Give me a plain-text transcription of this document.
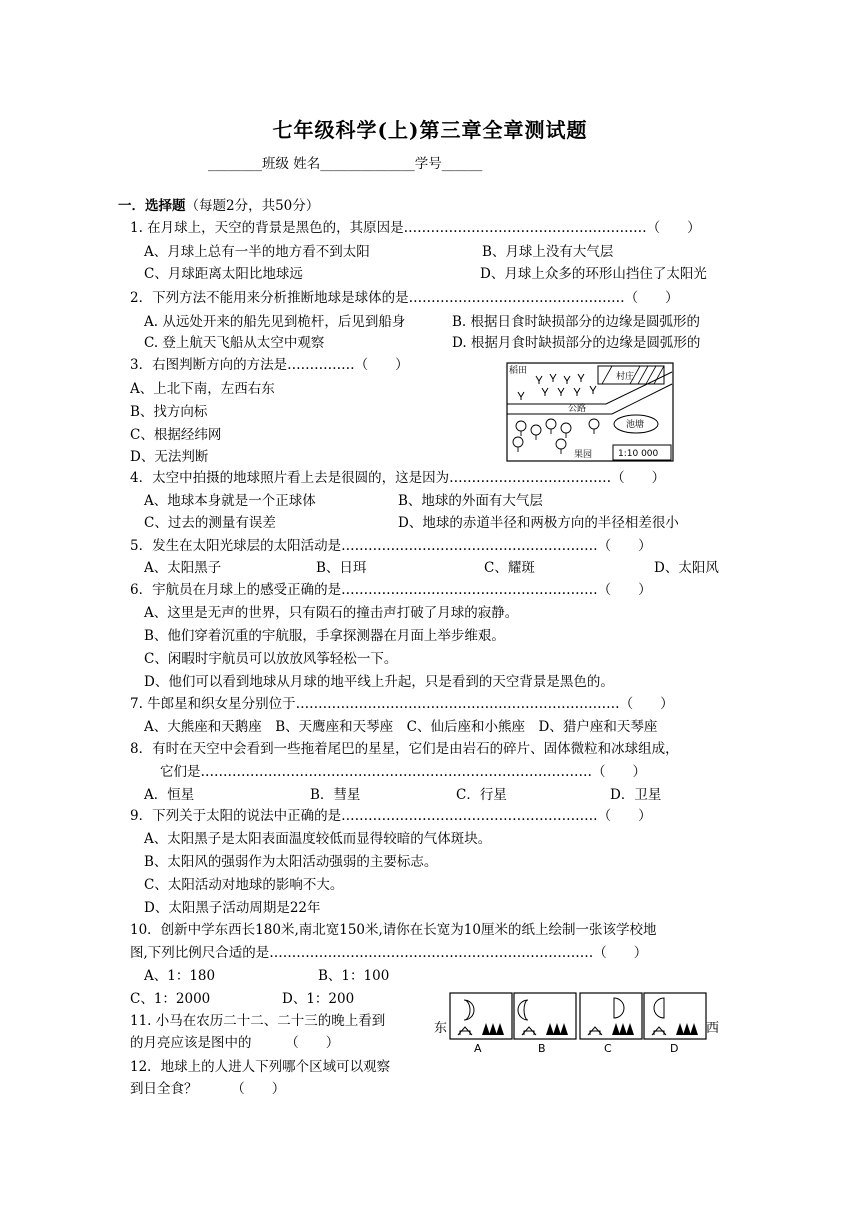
七年级科学(上)第三章全章测试题
________班级 姓名______________学号______
一．选择题（每题2分，共50分）
1. 在月球上，天空的背景是黑色的，其原因是………………………………………………（　　）
A、月球上总有一半的地方看不到太阳	B、月球上没有大气层
C、月球距离太阳比地球远	D、月球上众多的环形山挡住了太阳光
2．下列方法不能用来分析推断地球是球体的是…………………………………………（　　）
A. 从远处开来的船先见到桅杆，后见到船身	B. 根据日食时缺损部分的边缘是圆弧形的
C. 登上航天飞船从太空中观察	D. 根据月食时缺损部分的边缘是圆弧形的
3．右图判断方向的方法是……………（　　）
A、上北下南，左西右东
B、找方向标
C、根据经纬网
D、无法判断
稻田
村庄
公路
池塘
果园	1:10 000
4．太空中拍摄的地球照片看上去是很圆的，这是因为………………………………（　　）
A、地球本身就是一个正球体	B、地球的外面有大气层
C、过去的测量有误差	D、地球的赤道半径和两极方向的半径相差很小
5．发生在太阳光球层的太阳活动是…………………………………………………（　　）
A、太阳黑子	B、日珥	C、耀斑	D、太阳风
6．宇航员在月球上的感受正确的是…………………………………………………（　　）
A、这里是无声的世界，只有陨石的撞击声打破了月球的寂静。
B、他们穿着沉重的宇航服，手拿探测器在月面上举步维艰。
C、闲暇时宇航员可以放放风筝轻松一下。
D、他们可以看到地球从月球的地平线上升起，只是看到的天空背景是黑色的。
7. 牛郎星和织女星分别位于………………………………………………………………（　　）
A、大熊座和天鹅座　B、天鹰座和天琴座　C、仙后座和小熊座　D、猎户座和天琴座
8．有时在天空中会看到一些拖着尾巴的星星，它们是由岩石的碎片、固体微粒和冰球组成，
它们是……………………………………………………………………………（　　）
A．恒星	B．彗星	C．行星	D．卫星
9．下列关于太阳的说法中正确的是…………………………………………………（　　）
A、太阳黑子是太阳表面温度较低而显得较暗的气体斑块。
B、太阳风的强弱作为太阳活动强弱的主要标志。
C、太阳活动对地球的影响不大。
D、太阳黑子活动周期是22年
10．创新中学东西长180米,南北宽150米,请你在长宽为10厘米的纸上绘制一张该学校地
图,下列比例尺合适的是………………………………………………………………（　　）
A、1：180	B、1：100
C、1：2000	D、1：200
11. 小马在农历二十二、二十三的晚上看到
的月亮应该是图中的　　　（　　）
12．地球上的人进人下列哪个区域可以观察
到日全食？　　　（　　）
东	西
A	B	C	D
